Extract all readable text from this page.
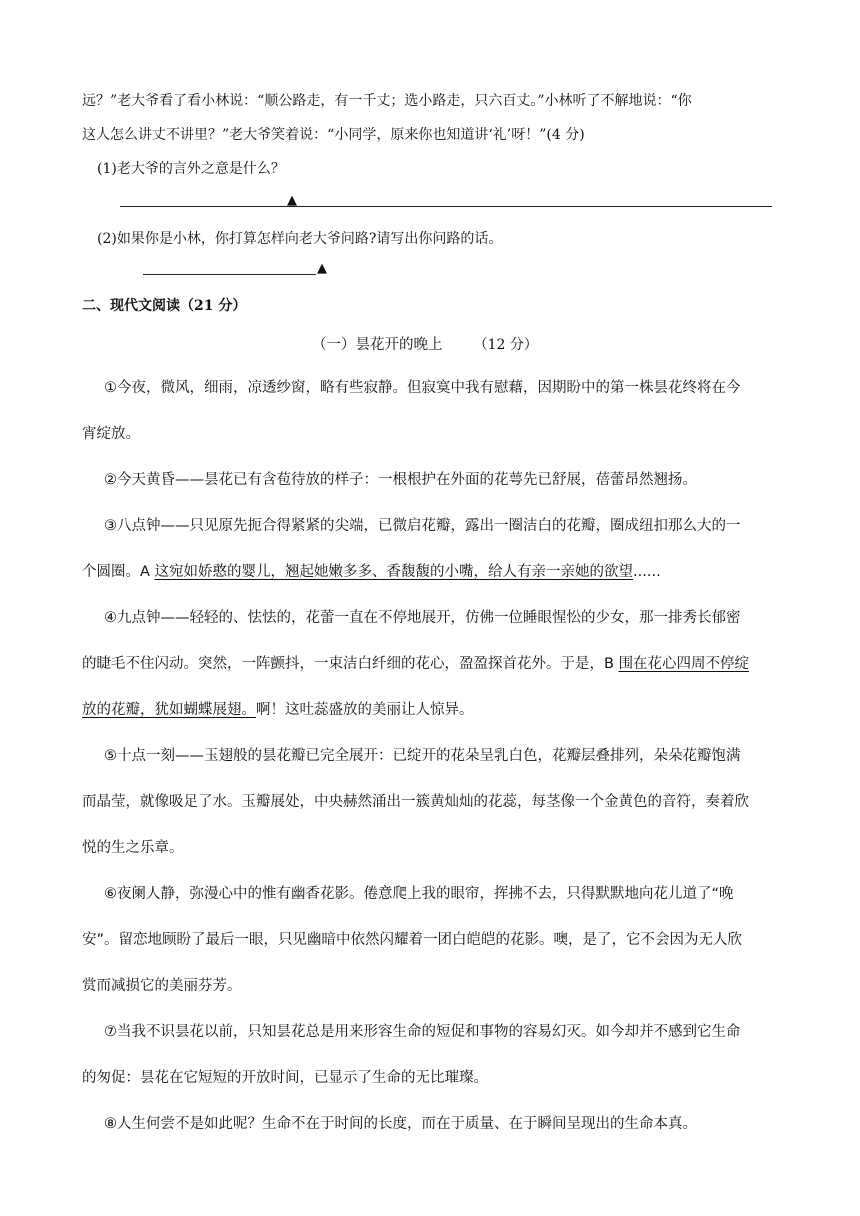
远？”老大爷看了看小林说：“顺公路走，有一千丈；选小路走，只六百丈。”小林听了不解地说：“你
这人怎么讲丈不讲里？”老大爷笑着说：“小同学，原来你也知道讲‘礼’呀！”(4 分)
(1)老大爷的言外之意是什么？
▲
(2)如果你是小林，你打算怎样向老大爷问路?请写出你问路的话。
▲
二、现代文阅读（21 分）
（一）昙花开的晚上 （12 分）
①今夜，微风，细雨，凉透纱窗，略有些寂静。但寂寞中我有慰藉，因期盼中的第一株昙花终将在今
宵绽放。
②今天黄昏——昙花已有含苞待放的样子：一根根护在外面的花萼先已舒展，蓓蕾昂然翘扬。
③八点钟——只见原先扼合得紧紧的尖端，已微启花瓣，露出一圈洁白的花瓣，圈成纽扣那么大的一
个圆圈。A 这宛如娇憨的婴儿，翘起她嫩多多、香馥馥的小嘴，给人有亲一亲她的欲望......
④九点钟——轻轻的、怯怯的，花蕾一直在不停地展开，仿佛一位睡眼惺忪的少女，那一排秀长郁密
的睫毛不住闪动。突然，一阵颤抖，一束洁白纤细的花心，盈盈探首花外。于是，B 围在花心四周不停绽
放的花瓣，犹如蝴蝶展翅。啊！这吐蕊盛放的美丽让人惊异。
⑤十点一刻——玉翅般的昙花瓣已完全展开：已绽开的花朵呈乳白色，花瓣层叠排列，朵朵花瓣饱满
而晶莹，就像吸足了水。玉瓣展处，中央赫然涌出一簇黄灿灿的花蕊，每茎像一个金黄色的音符，奏着欣
悦的生之乐章。
⑥夜阑人静，弥漫心中的惟有幽香花影。倦意爬上我的眼帘，挥拂不去，只得默默地向花儿道了“晚
安”。留恋地顾盼了最后一眼，只见幽暗中依然闪耀着一团白皑皑的花影。噢，是了，它不会因为无人欣
赏而减损它的美丽芬芳。
⑦当我不识昙花以前，只知昙花总是用来形容生命的短促和事物的容易幻灭。如今却并不感到它生命
的匆促：昙花在它短短的开放时间，已显示了生命的无比璀璨。
⑧人生何尝不是如此呢？生命不在于时间的长度，而在于质量、在于瞬间呈现出的生命本真。
